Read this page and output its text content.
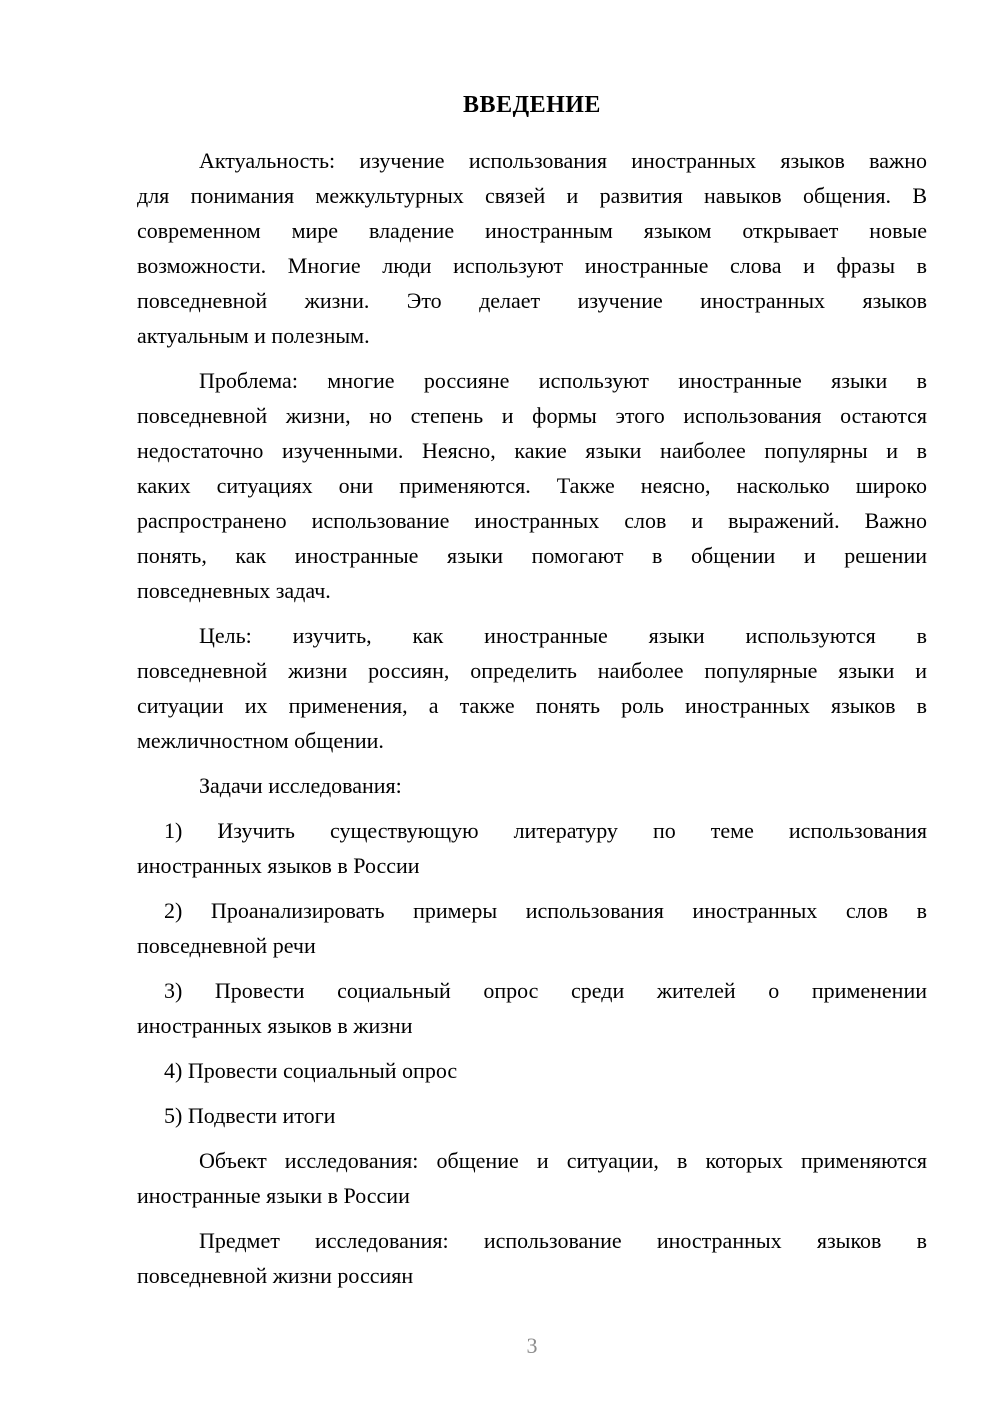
ВВЕДЕНИЕ
Актуальность: изучение использования иностранных языков важно
для понимания межкультурных связей и развития навыков общения. В
современном мире владение иностранным языком открывает новые
возможности. Многие люди используют иностранные слова и фразы в
повседневной жизни. Это делает изучение иностранных языков
актуальным и полезным.
Проблема: многие россияне используют иностранные языки в
повседневной жизни, но степень и формы этого использования остаются
недостаточно изученными. Неясно, какие языки наиболее популярны и в
каких ситуациях они применяются. Также неясно, насколько широко
распространено использование иностранных слов и выражений. Важно
понять, как иностранные языки помогают в общении и решении
повседневных задач.
Цель: изучить, как иностранные языки используются в
повседневной жизни россиян, определить наиболее популярные языки и
ситуации их применения, а также понять роль иностранных языков в
межличностном общении.
Задачи исследования:
1) Изучить существующую литературу по теме использования
иностранных языков в России
2) Проанализировать примеры использования иностранных слов в
повседневной речи
3) Провести социальный опрос среди жителей о применении
иностранных языков в жизни
4) Провести социальный опрос
5) Подвести итоги
Объект исследования: общение и ситуации, в которых применяются
иностранные языки в России
Предмет исследования: использование иностранных языков в
повседневной жизни россиян
3
